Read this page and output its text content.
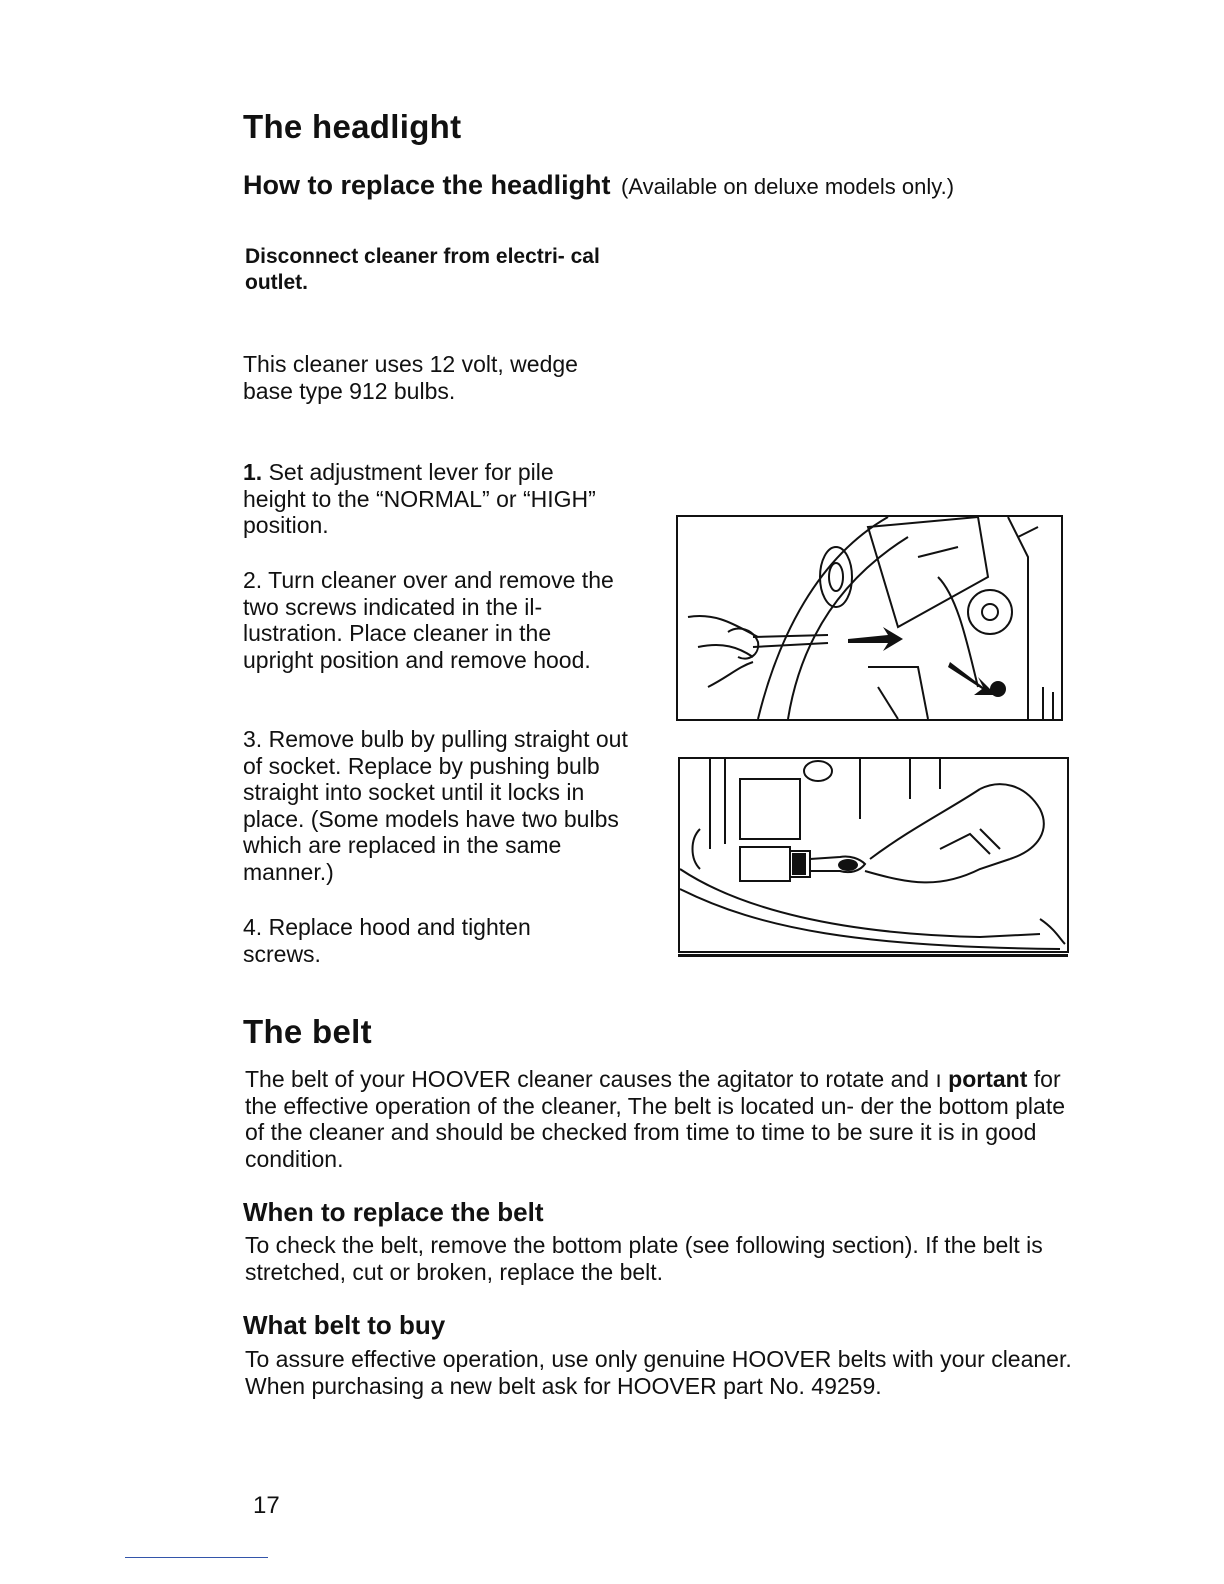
The headlight
How to replace the headlight (Available on deluxe models only.)

Disconnect cleaner from electri- cal outlet.

This cleaner uses 12 volt, wedge base type 912 bulbs.

1. Set adjustment lever for pile height to the “NORMAL” or “HIGH” position.

2. Turn cleaner over and remove the two screws indicated in the il- lustration. Place cleaner in the upright position and remove hood.

3. Remove bulb by pulling straight out of socket. Replace by pushing bulb straight into socket until it locks in place. (Some models have two bulbs which are replaced in the same manner.)

4. Replace hood and tighten screws.

The belt

The belt of your HOOVER cleaner causes the agitator to rotate and ı portant for the effective operation of the cleaner, The belt is located un- der the bottom plate of the cleaner and should be checked from time to time to be sure it is in good condition.

When to replace the belt

To check the belt, remove the bottom plate (see following section). If the belt is stretched, cut or broken, replace the belt.

What belt to buy

To assure effective operation, use only genuine HOOVER belts with your cleaner. When purchasing a new belt ask for HOOVER part No. 49259.

17
